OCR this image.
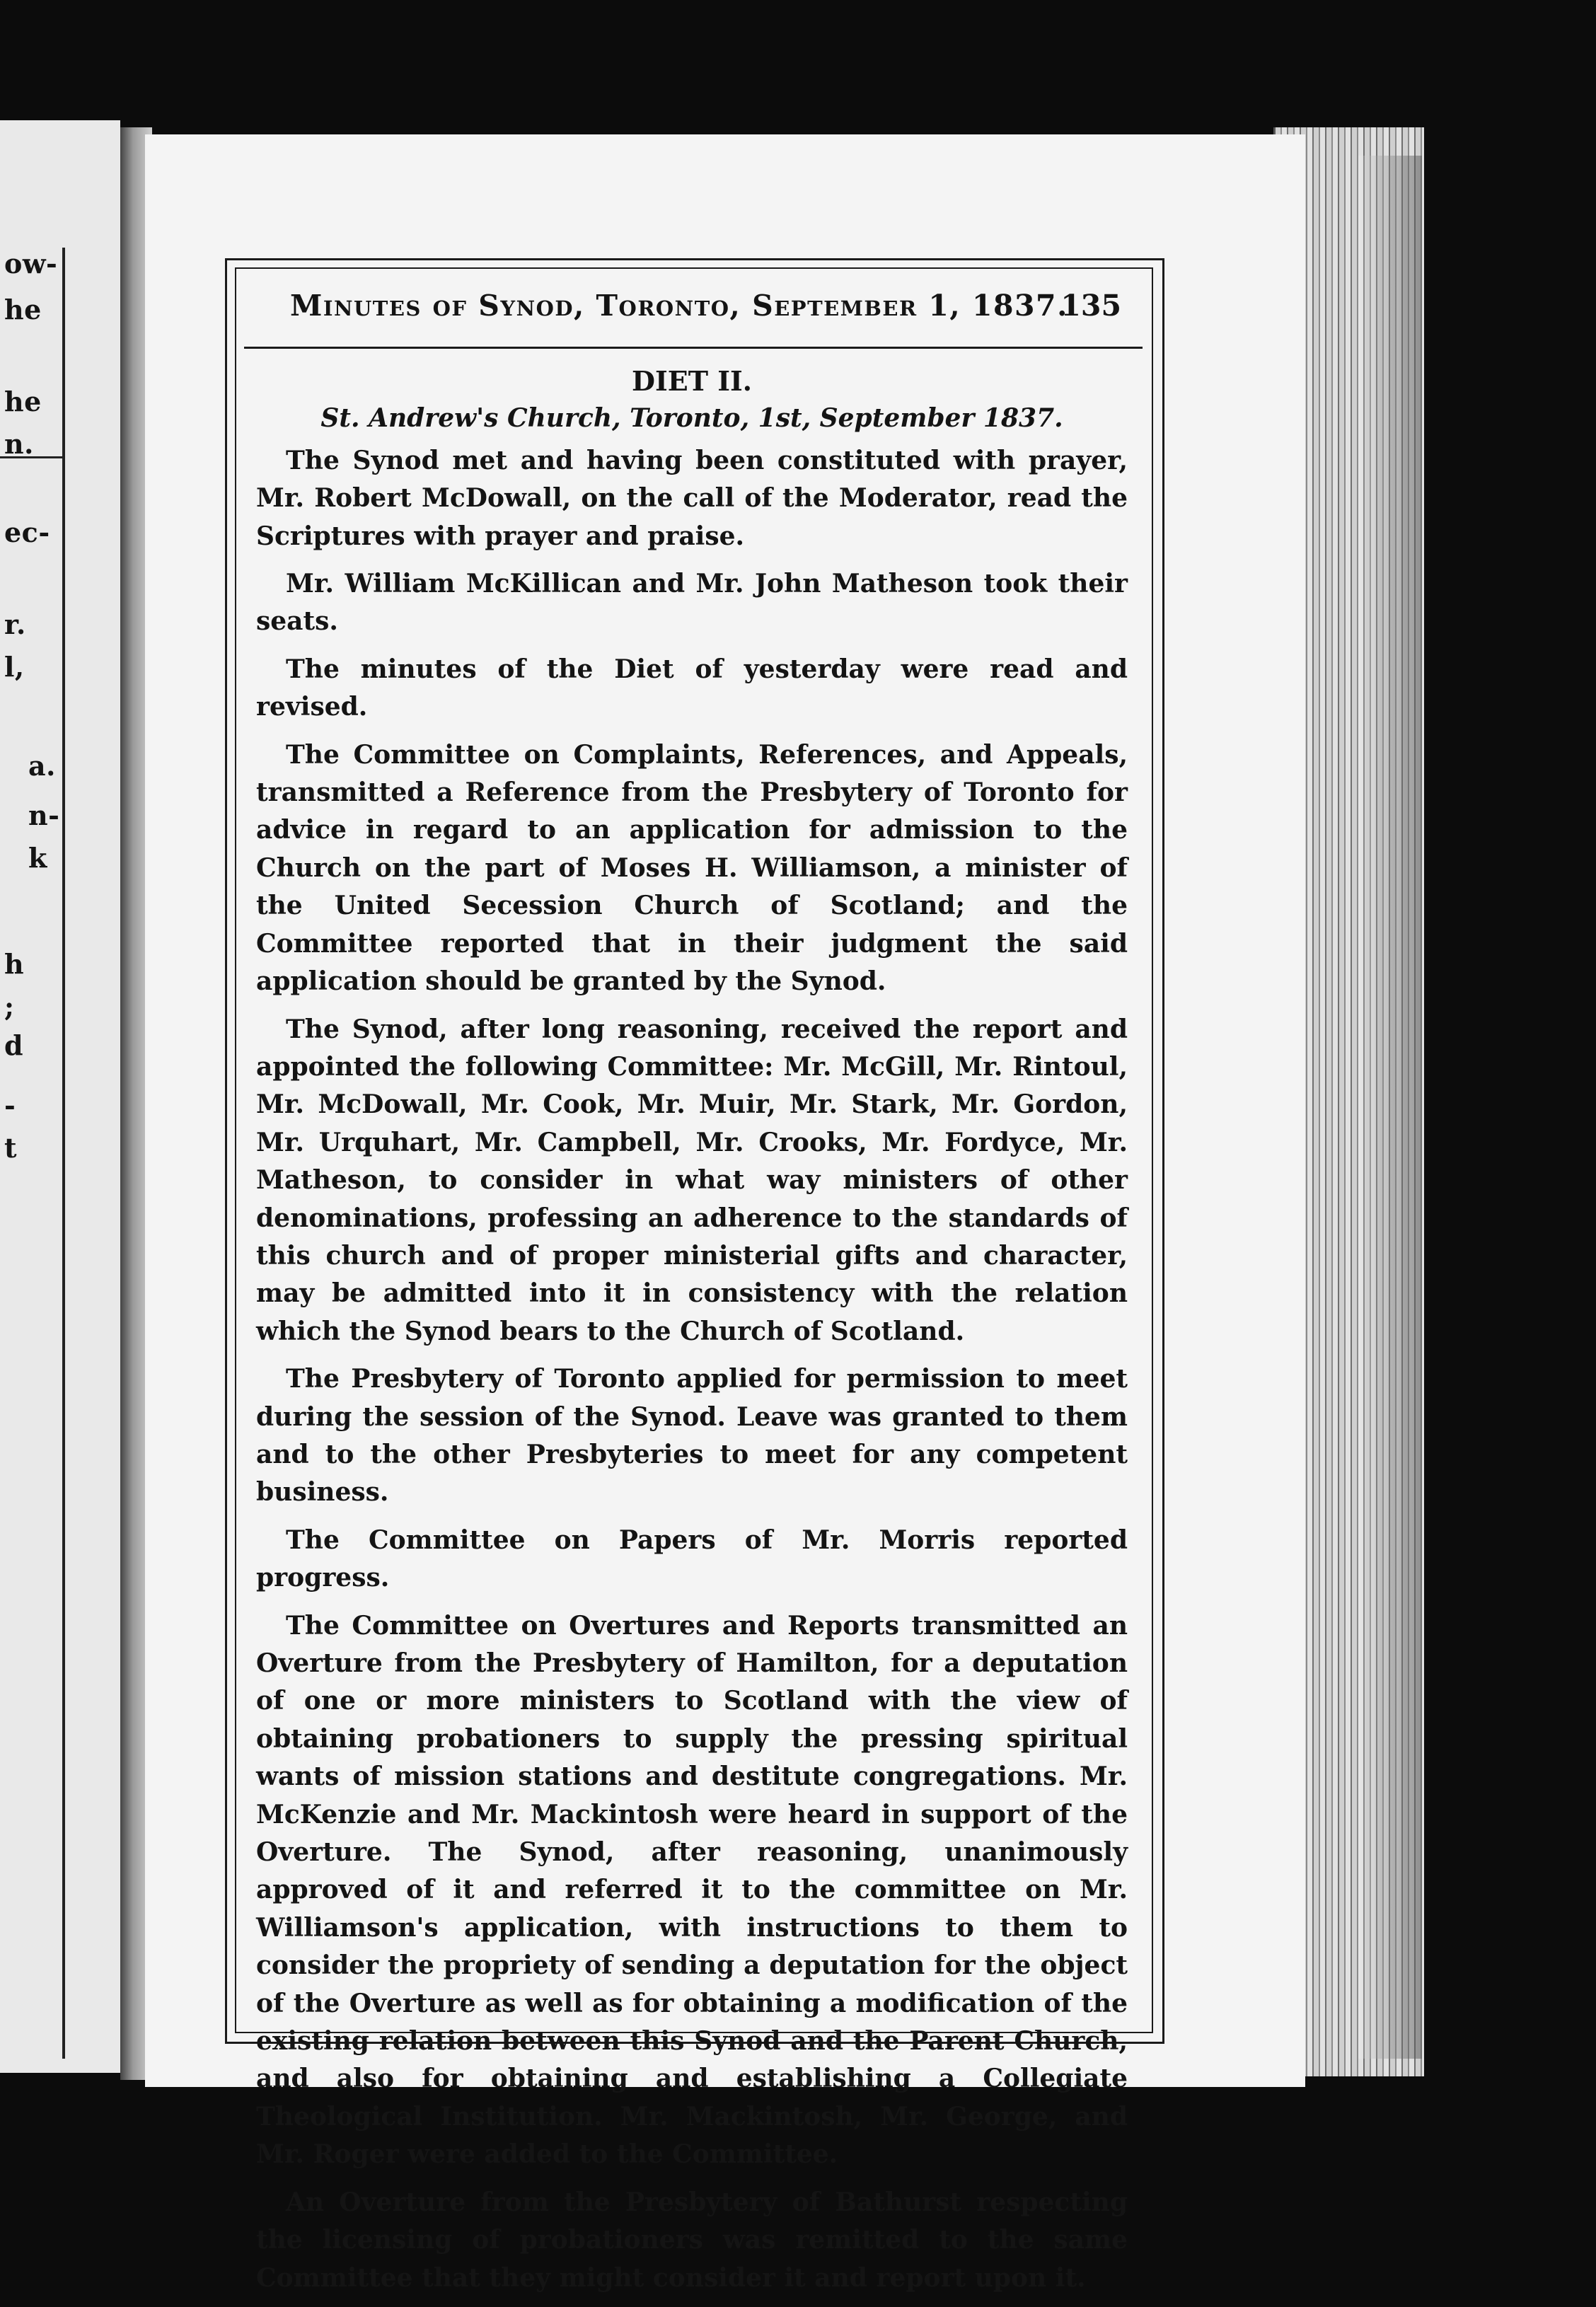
ow-
he
he
n.
ec-
r.
l,
a.
n-
k
h
;
d
-
t
Minutes of Synod, Toronto, September 1, 1837.
135

DIET II.

St. Andrew's Church, Toronto, 1st, September 1837.

The Synod met and having been constituted with prayer, Mr. Robert McDowall, on the call of the Moderator, read the Scriptures with prayer and praise.

Mr. William McKillican and Mr. John Matheson took their seats.

The minutes of the Diet of yesterday were read and revised.

The Committee on Complaints, References, and Appeals, transmitted a Reference from the Presbytery of Toronto for advice in regard to an application for admission to the Church on the part of Moses H. Williamson, a minister of the United Secession Church of Scotland; and the Committee reported that in their judgment the said application should be granted by the Synod.

The Synod, after long reasoning, received the report and appointed the following Committee: Mr. McGill, Mr. Rintoul, Mr. McDowall, Mr. Cook, Mr. Muir, Mr. Stark, Mr. Gordon, Mr. Urquhart, Mr. Campbell, Mr. Crooks, Mr. Fordyce, Mr. Matheson, to consider in what way ministers of other denominations, professing an adherence to the standards of this church and of proper ministerial gifts and character, may be admitted into it in consistency with the relation which the Synod bears to the Church of Scotland.

The Presbytery of Toronto applied for permission to meet during the session of the Synod. Leave was granted to them and to the other Presbyteries to meet for any competent business.

The Committee on Papers of Mr. Morris reported progress.

The Committee on Overtures and Reports transmitted an Overture from the Presbytery of Hamilton, for a deputation of one or more ministers to Scotland with the view of obtaining probationers to supply the pressing spiritual wants of mission stations and destitute congregations. Mr. McKenzie and Mr. Mackintosh were heard in support of the Overture. The Synod, after reasoning, unanimously approved of it and referred it to the committee on Mr. Williamson's application, with instructions to them to consider the propriety of sending a deputation for the object of the Overture as well as for obtaining a modification of the existing relation between this Synod and the Parent Church, and also for obtaining and establishing a Collegiate Theological Institution. Mr. Mackintosh, Mr. George, and Mr. Roger were added to the Committee.

An Overture from the Presbytery of Bathurst respecting the licensing of probationers was remitted to the same Committee that they might consider it and report upon it.
